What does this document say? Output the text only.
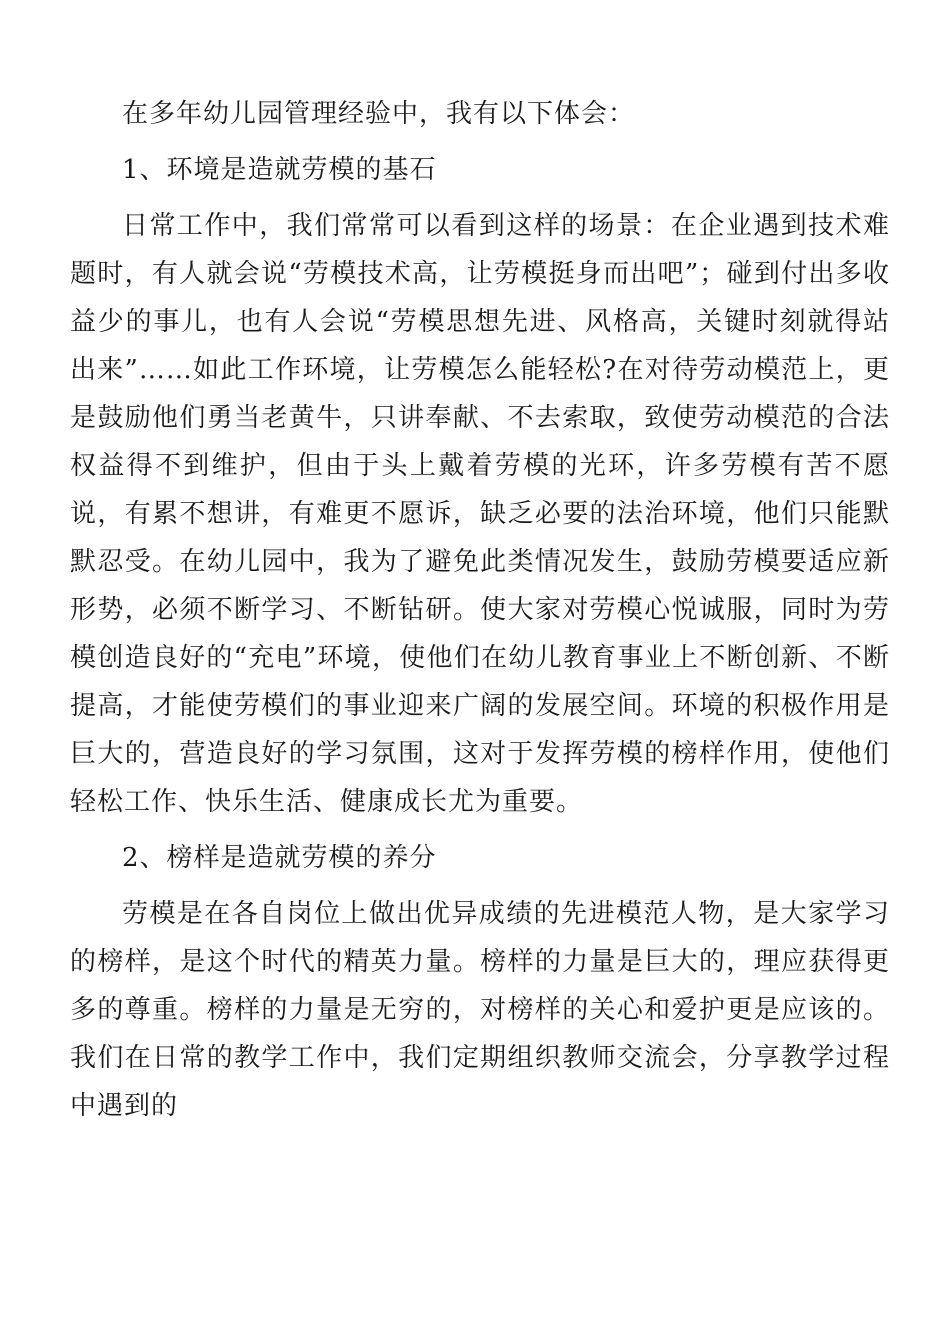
在多年幼儿园管理经验中，我有以下体会：

1、环境是造就劳模的基石

日常工作中，我们常常可以看到这样的场景：在企业遇到技术难题时，有人就会说“劳模技术高，让劳模挺身而出吧”；碰到付出多收益少的事儿，也有人会说“劳模思想先进、风格高，关键时刻就得站出来”……如此工作环境，让劳模怎么能轻松?在对待劳动模范上，更是鼓励他们勇当老黄牛，只讲奉献、不去索取，致使劳动模范的合法权益得不到维护，但由于头上戴着劳模的光环，许多劳模有苦不愿说，有累不想讲，有难更不愿诉，缺乏必要的法治环境，他们只能默默忍受。在幼儿园中，我为了避免此类情况发生，鼓励劳模要适应新形势，必须不断学习、不断钻研。使大家对劳模心悦诚服，同时为劳模创造良好的“充电”环境，使他们在幼儿教育事业上不断创新、不断提高，才能使劳模们的事业迎来广阔的发展空间。环境的积极作用是巨大的，营造良好的学习氛围，这对于发挥劳模的榜样作用，使他们轻松工作、快乐生活、健康成长尤为重要。

2、榜样是造就劳模的养分

劳模是在各自岗位上做出优异成绩的先进模范人物，是大家学习的榜样，是这个时代的精英力量。榜样的力量是巨大的，理应获得更多的尊重。榜样的力量是无穷的，对榜样的关心和爱护更是应该的。我们在日常的教学工作中，我们定期组织教师交流会，分享教学过程中遇到的
